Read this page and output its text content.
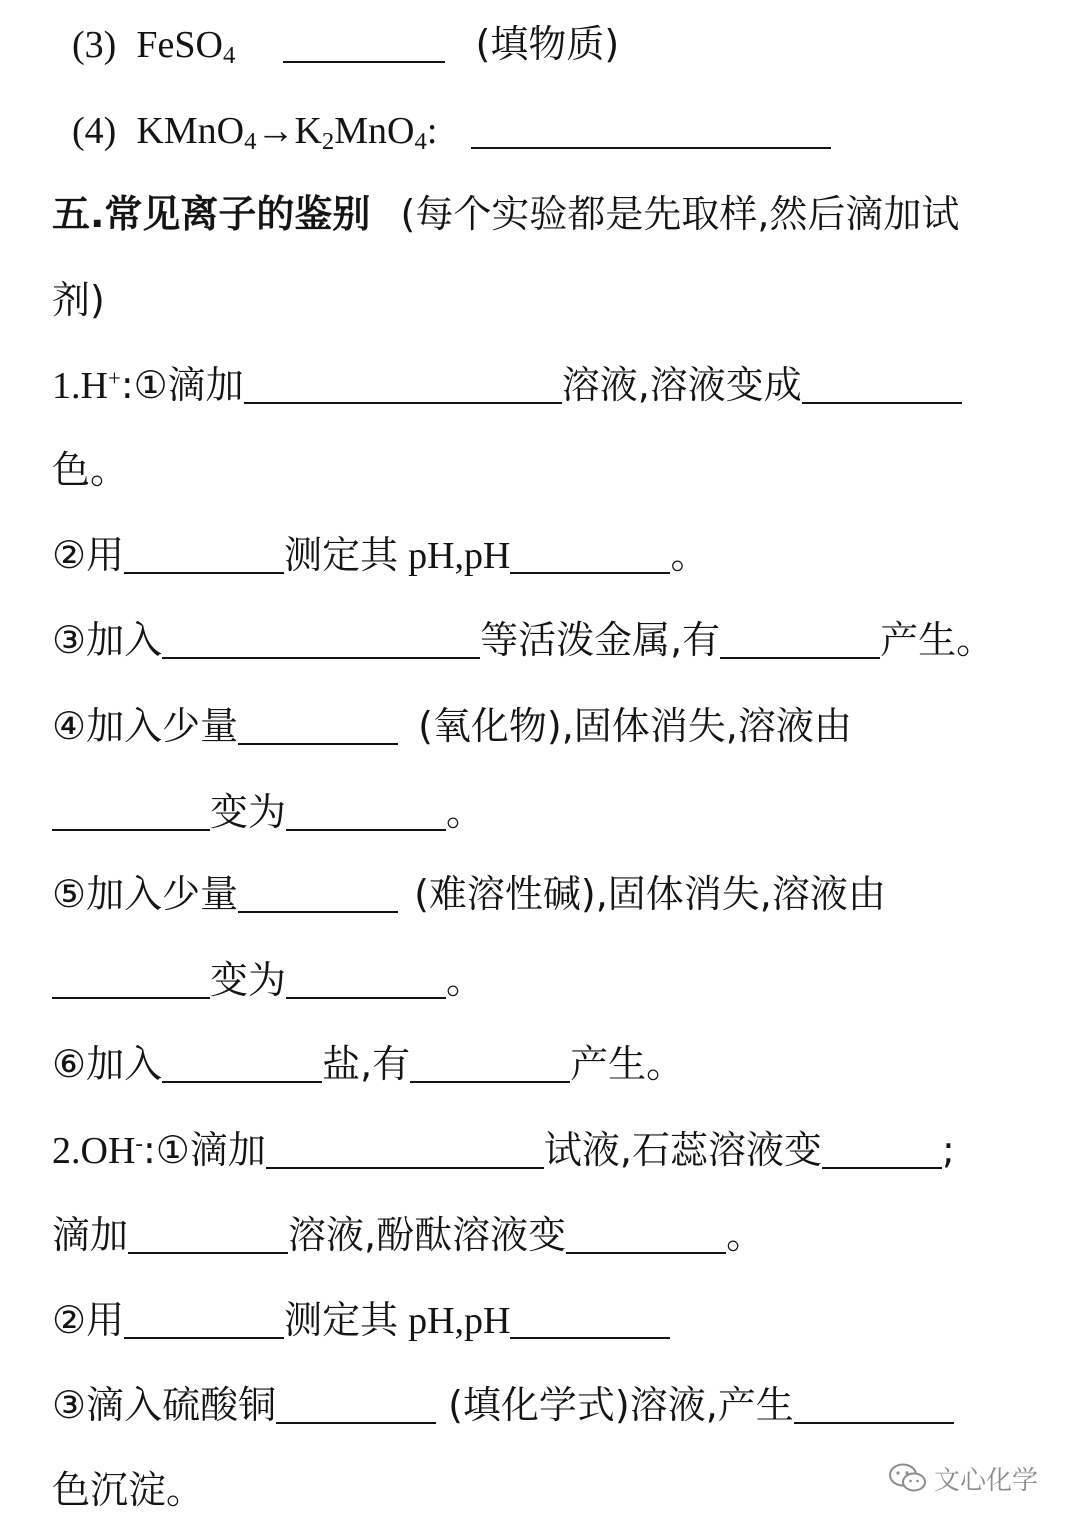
(3) FeSO$_4$	(填物质)
(4) $KMnO_4\to K_2MnO_4$:
五.常见离子的鉴别 (每个实验都是先取样,然后滴加试
剂)
1.H+:①滴加	溶液,溶液变成
色。
②用	测定其 pH,pH	。
③加入	等活泼金属,有	产生。
④加入少量	(氧化物),固体消失,溶液由
变为	。
⑤加入少量	(难溶性碱),固体消失,溶液由
变为	。
⑥加入	盐,有	产生。
2.OH-:①滴加	试液,石蕊溶液变	;
滴加	溶液,酚酞溶液变	。
②用	测定其 pH,pH
③滴入硫酸铜	(填化学式)溶液,产生
色沉淀。	文心化学
